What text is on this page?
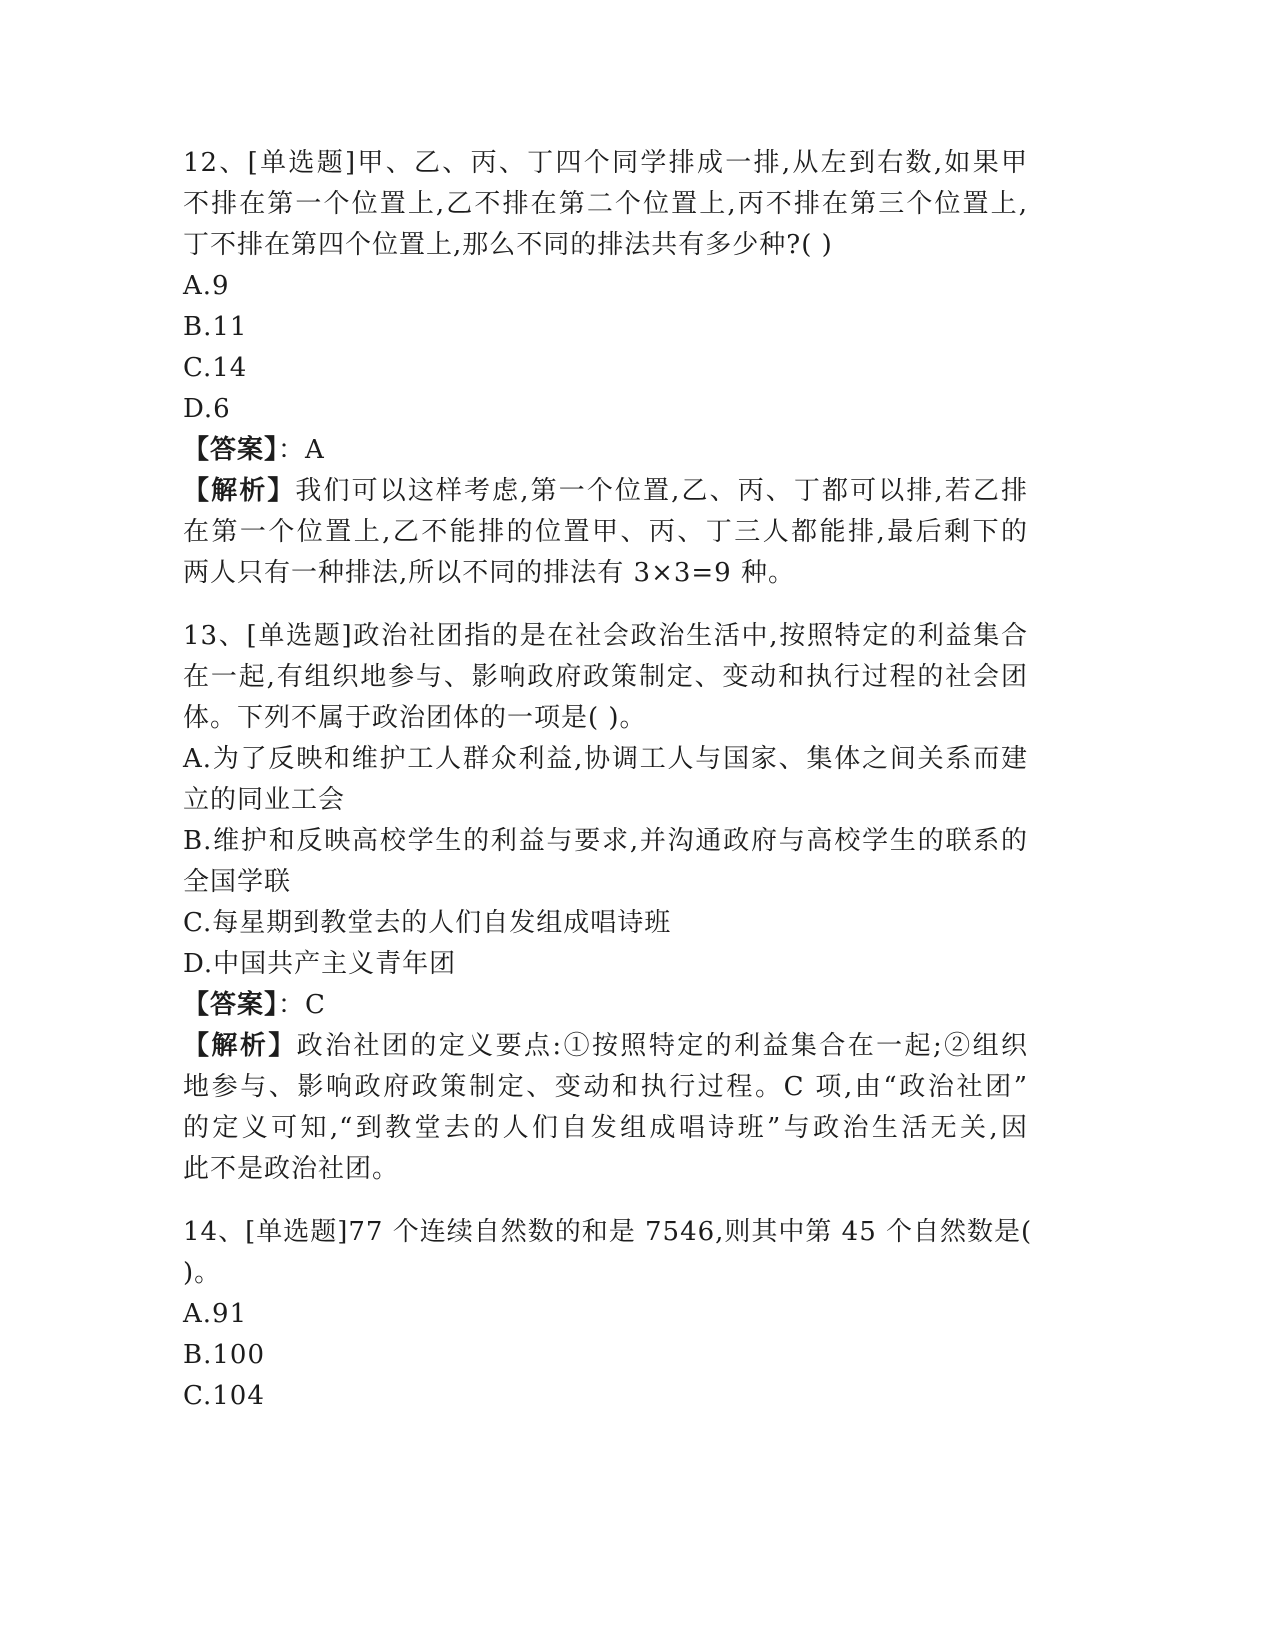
12、[单选题]甲、乙、丙、丁四个同学排成一排,从左到右数,如果甲
不排在第一个位置上,乙不排在第二个位置上,丙不排在第三个位置上,
丁不排在第四个位置上,那么不同的排法共有多少种?( )
A.9
B.11
C.14
D.6
【答案】：A
【解析】我们可以这样考虑,第一个位置,乙、丙、丁都可以排,若乙排
在第一个位置上,乙不能排的位置甲、丙、丁三人都能排,最后剩下的
两人只有一种排法,所以不同的排法有 3×3=9 种。
13、[单选题]政治社团指的是在社会政治生活中,按照特定的利益集合
在一起,有组织地参与、影响政府政策制定、变动和执行过程的社会团
体。下列不属于政治团体的一项是( )。
A.为了反映和维护工人群众利益,协调工人与国家、集体之间关系而建
立的同业工会
B.维护和反映高校学生的利益与要求,并沟通政府与高校学生的联系的
全国学联
C.每星期到教堂去的人们自发组成唱诗班
D.中国共产主义青年团
【答案】：C
【解析】政治社团的定义要点:①按照特定的利益集合在一起;②组织
地参与、影响政府政策制定、变动和执行过程。C 项,由“政治社团”
的定义可知,“到教堂去的人们自发组成唱诗班”与政治生活无关,因
此不是政治社团。
14、[单选题]77 个连续自然数的和是 7546,则其中第 45 个自然数是(
)。
A.91
B.100
C.104
